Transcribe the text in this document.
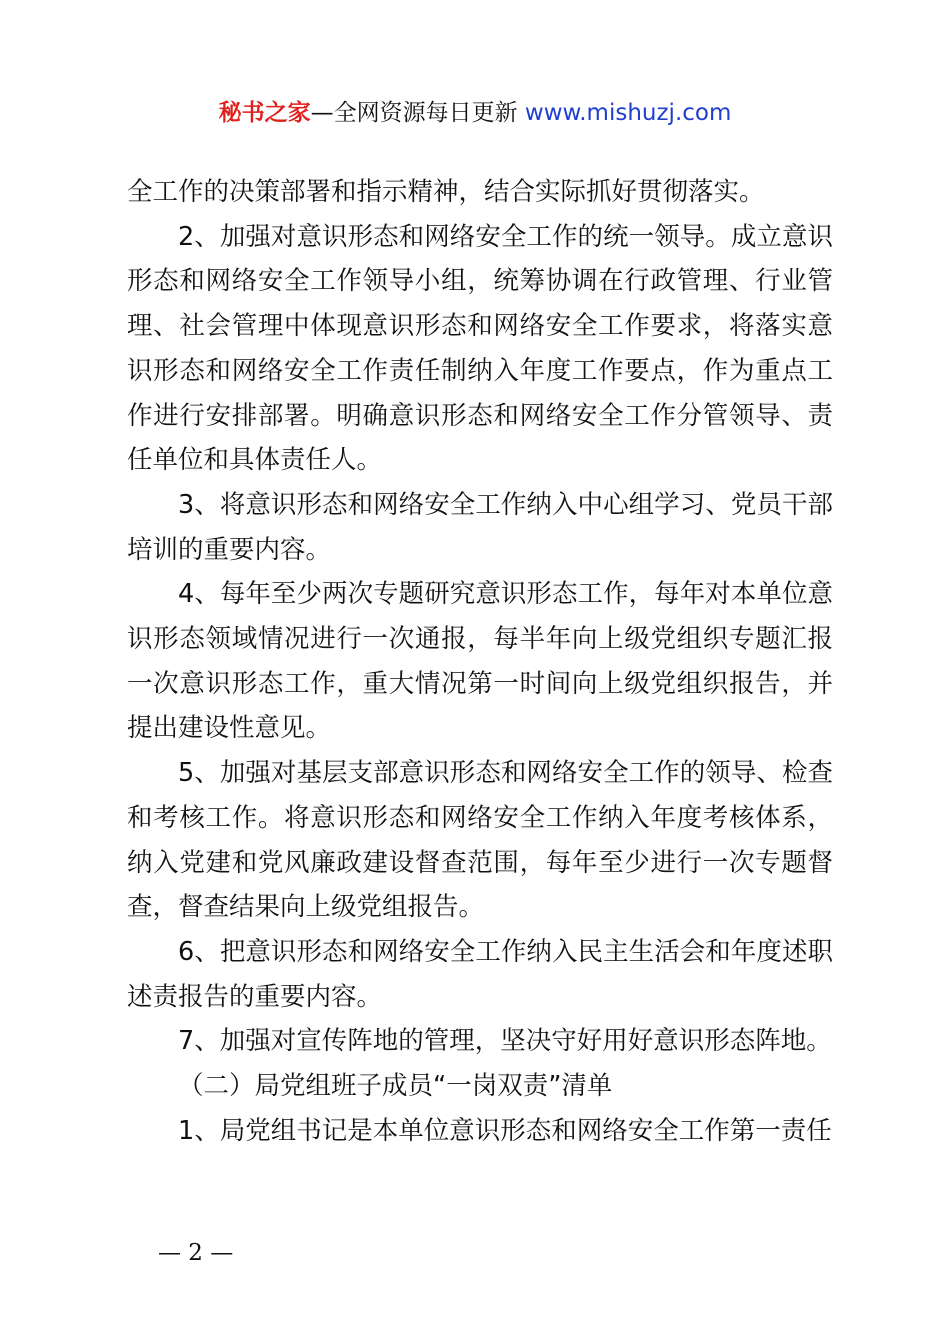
秘书之家—全网资源每日更新 www.mishuzj.com

全工作的决策部署和指示精神，结合实际抓好贯彻落实。

2、加强对意识形态和网络安全工作的统一领导。成立意识形态和网络安全工作领导小组，统筹协调在行政管理、行业管理、社会管理中体现意识形态和网络安全工作要求，将落实意识形态和网络安全工作责任制纳入年度工作要点，作为重点工作进行安排部署。明确意识形态和网络安全工作分管领导、责任单位和具体责任人。

3、将意识形态和网络安全工作纳入中心组学习、党员干部培训的重要内容。

4、每年至少两次专题研究意识形态工作，每年对本单位意识形态领域情况进行一次通报，每半年向上级党组织专题汇报一次意识形态工作，重大情况第一时间向上级党组织报告，并提出建设性意见。

5、加强对基层支部意识形态和网络安全工作的领导、检查和考核工作。将意识形态和网络安全工作纳入年度考核体系，纳入党建和党风廉政建设督查范围，每年至少进行一次专题督查，督查结果向上级党组报告。

6、把意识形态和网络安全工作纳入民主生活会和年度述职述责报告的重要内容。

7、加强对宣传阵地的管理，坚决守好用好意识形态阵地。

（二）局党组班子成员“一岗双责”清单

1、局党组书记是本单位意识形态和网络安全工作第一责任

— 2 —
